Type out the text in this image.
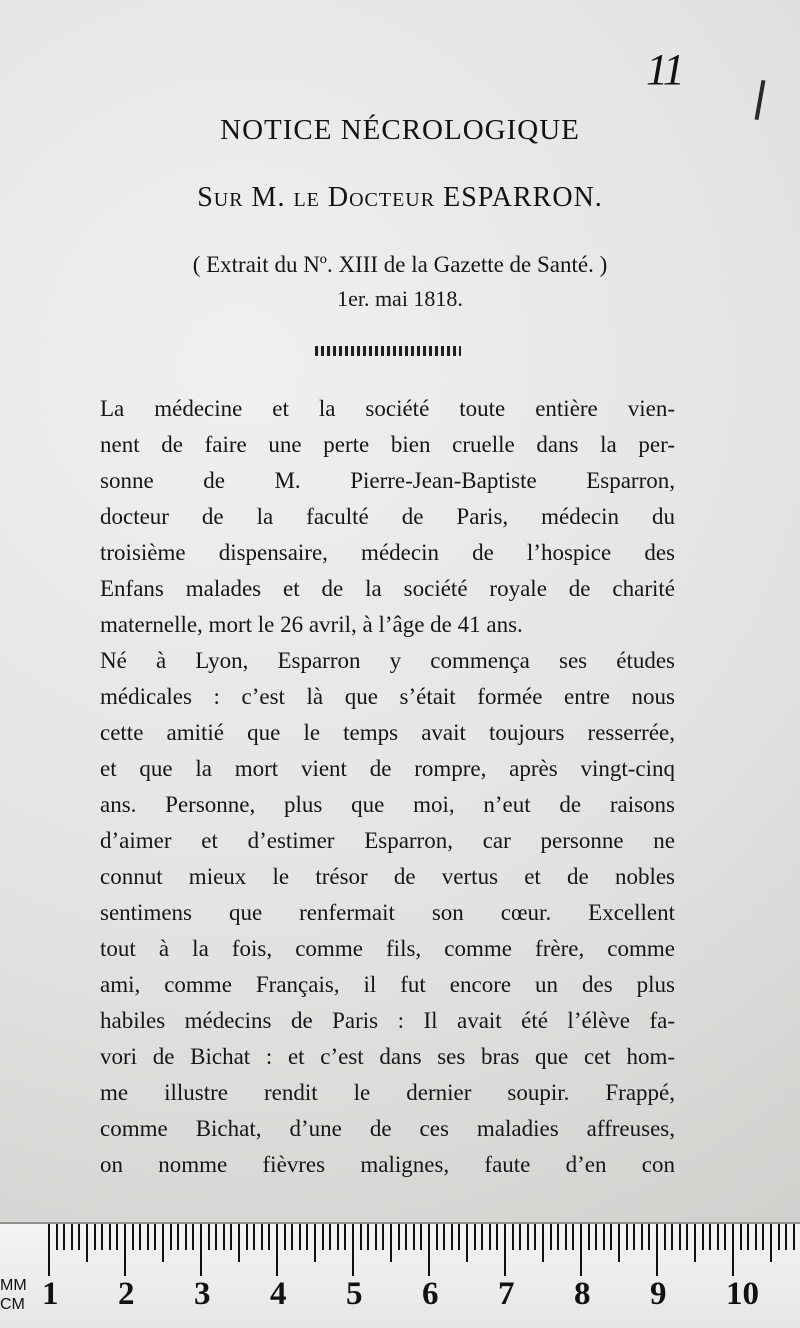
11
NOTICE NÉCROLOGIQUE
Sur M. le Docteur ESPARRON.
( Extrait du Nº. XIII de la Gazette de Santé. )
1er. mai 1818.
La médecine et la société toute entière vien-
nent de faire une perte bien cruelle dans la per-
sonne de M. Pierre-Jean-Baptiste Esparron,
docteur de la faculté de Paris, médecin du
troisième dispensaire, médecin de l’hospice des
Enfans malades et de la société royale de charité
maternelle, mort le 26 avril, à l’âge de 41 ans.
Né à Lyon, Esparron y commença ses études
médicales : c’est là que s’était formée entre nous
cette amitié que le temps avait toujours resserrée,
et que la mort vient de rompre, après vingt-cinq
ans. Personne, plus que moi, n’eut de raisons
d’aimer et d’estimer Esparron, car personne ne
connut mieux le trésor de vertus et de nobles
sentimens que renfermait son cœur. Excellent
tout à la fois, comme fils, comme frère, comme
ami, comme Français, il fut encore un des plus
habiles médecins de Paris : Il avait été l’élève fa-
vori de Bichat : et c’est dans ses bras que cet hom-
me illustre rendit le dernier soupir. Frappé,
comme Bichat, d’une de ces maladies affreuses,
on nomme fièvres malignes, faute d’en con
MM
CM 1 2 3 4 5 6 7 8 9 10
